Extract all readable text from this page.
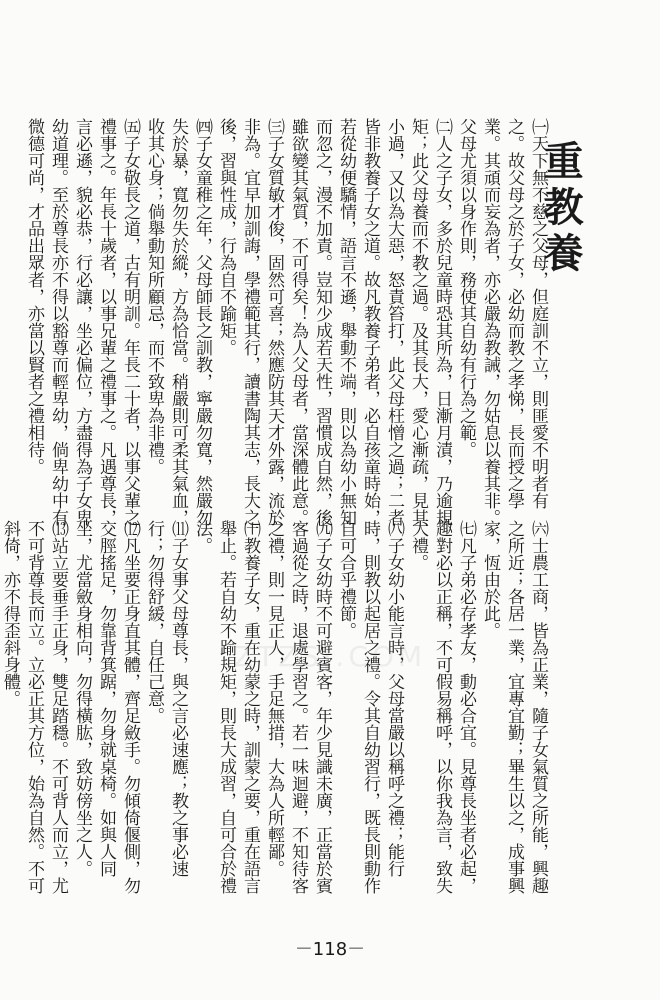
重教養

㈠天下無不慈之父母，但庭訓不立，則匪愛不明者有之。故父母之於子女，必幼而教之孝悌，長而授之學業。其頑而妄為者，亦必嚴為教誡，勿姑息以養其非。父母尤須以身作則，務使其自幼有行為之範。

㈡人之子女，多於兒童時恐其所為，日漸月漬，乃逾規矩；此父母養而不教之過。及其長大，愛心漸疏，見其小過，又以為大惡，怒責笞打，此父母枉憎之過；二者皆非教養子女之道。故凡教養子弟者，必自孩童時始，若從幼便驕情，語言不遜，舉動不端，則以為幼小無知而忽之，漫不加責。豈知少成若天性，習慣成自然，後雖欲變其氣質，不可得矣！為人父母者，當深體此意。

㈢子女質敏才俊，固然可喜；然應防其天才外露，流於非為。宜早加訓誨，學禮範其行，讀書陶其志，長大之後，習與性成，行為自不踰矩。

㈣子女童稚之年，父母師長之訓教，寧嚴勿寬，然嚴勿失於暴，寬勿失於縱，方為恰當。稍嚴則可柔其氣血，收其心身；倘舉動知所顧忌，而不致卑為非禮。

㈤子女敬長之道，古有明訓。年長二十者，以事父輩之禮事之。年長十歲者，以事兄輩之禮事之。凡遇尊長，言必遜，貌必恭，行必讓，坐必偏位，方盡得為子女卑幼道理。至於尊長亦不得以豁尊而輕卑幼，倘卑幼中有微德可尚，才品出眾者，亦當以賢者之禮相待。

㈥士農工商，皆為正業，隨子女氣質之所能，興趣之所近；各居一業，宜專宜勤；畢生以之，成事興家，恆由於此。

㈦凡子弟必存孝友，動必合宜。見尊長坐者必起，趣對必以正稱，不可假易稱呼，以你我為言，致失大禮。

㈧子女幼小能言時，父母當嚴以稱呼之禮；能行時，則教以起居之禮。令其自幼習行，既長則動作自可合乎禮節。

㈨子女幼時不可避賓客，年少見識未廣，正當於賓客過從之時，退處學習之。若一味迴避，不知待客之禮，則一見正人，手足無措，大為人所輕鄙。

㈩教養子女，重在幼蒙之時，訓蒙之要，重在語言舉止。若自幼不踰規矩，則長大成習，自可合於禮法。

⑾子女事父母尊長，與之言必速應；教之事必速行；勿得舒緩，自任己意。

⑿凡坐要正身直其體，齊足斂手。勿傾倚偃側，勿交脛搖足，勿靠背箕踞，勿身就桌椅。如與人同坐，尤當斂身相向，勿得橫肱，致妨傍坐之人。

⒀站立要垂手正身，雙足踏穩。不可背人而立，尤不可背尊長而立。立必正其方位，始為自然。不可斜倚，亦不得歪斜身體。	ZTZSJ.COM
－118－
